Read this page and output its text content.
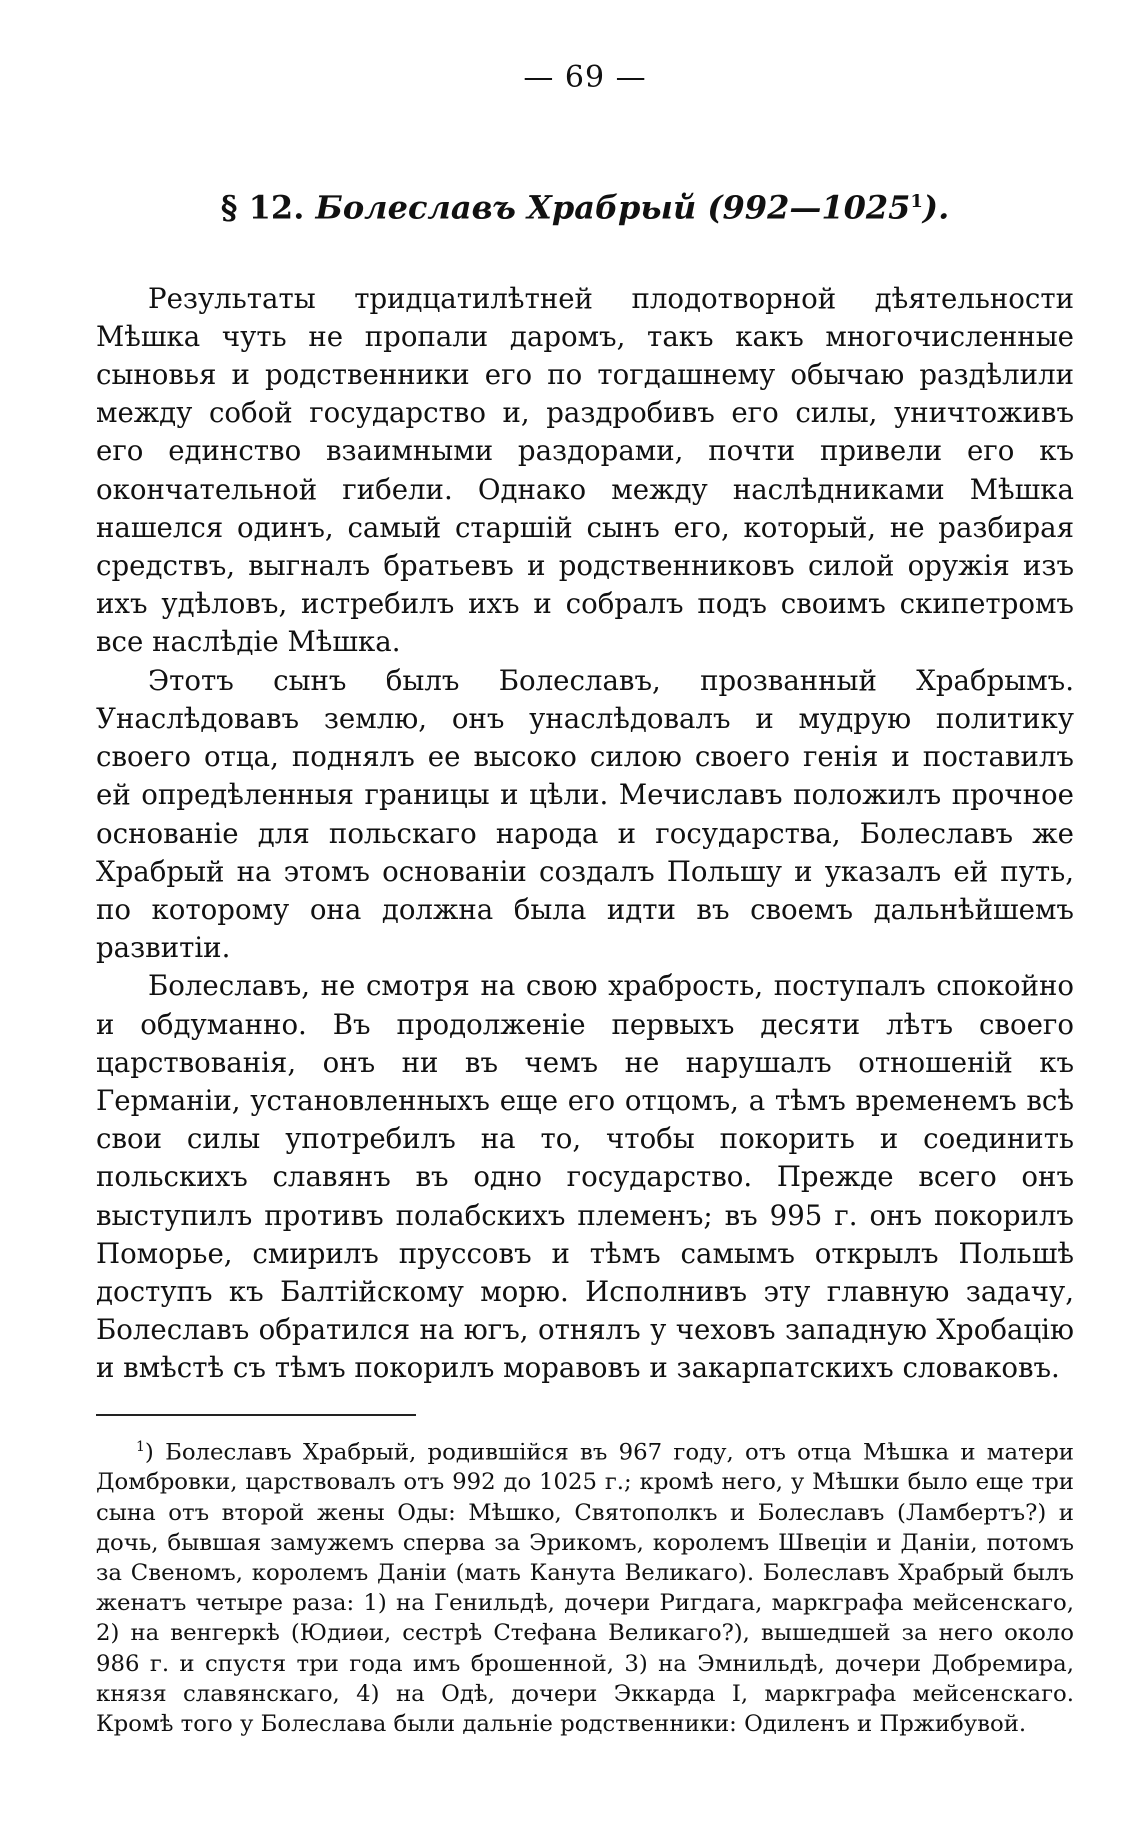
— 69 —

§ 12. Болеславъ Храбрый (992—1025$^1$).

Результаты тридцатилѣтней плодотворной дѣятельности Мѣшка чуть не пропали даромъ, такъ какъ многочисленные сыновья и родственники его по тогдашнему обычаю раздѣлили между собой государство и, раздробивъ его силы, уничтоживъ его единство взаимными раздорами, почти привели его къ окончательной гибели. Однако между наслѣдниками Мѣшка нашелся одинъ, самый старшій сынъ его, который, не разбирая средствъ, выгналъ братьевъ и родственниковъ силой оружія изъ ихъ удѣловъ, истребилъ ихъ и собралъ подъ своимъ скипетромъ все наслѣдіе Мѣшка.

Этотъ сынъ былъ Болеславъ, прозванный Храбрымъ. Унаслѣдовавъ землю, онъ унаслѣдовалъ и мудрую политику своего отца, поднялъ ее высоко силою своего генія и поставилъ ей опредѣленныя границы и цѣли. Мечиславъ положилъ прочное основаніе для польскаго народа и государства, Болеславъ же Храбрый на этомъ основаніи создалъ Польшу и указалъ ей путь, по которому она должна была идти въ своемъ дальнѣйшемъ развитіи.

Болеславъ, не смотря на свою храбрость, поступалъ спокойно и обдуманно. Въ продолженіе первыхъ десяти лѣтъ своего царствованія, онъ ни въ чемъ не нарушалъ отношеній къ Германіи, установленныхъ еще его отцомъ, а тѣмъ временемъ всѣ свои силы употребилъ на то, чтобы покорить и соединить польскихъ славянъ въ одно государство. Прежде всего онъ выступилъ противъ полабскихъ племенъ; въ 995 г. онъ покорилъ Поморье, смирилъ пруссовъ и тѣмъ самымъ открылъ Польшѣ доступъ къ Балтійскому морю. Исполнивъ эту главную задачу, Болеславъ обратился на югъ, отнялъ у чеховъ западную Хробацію и вмѣстѣ съ тѣмъ покорилъ моравовъ и закарпатскихъ словаковъ.

$^1$) Болеславъ Храбрый, родившійся въ 967 году, отъ отца Мѣшка и матери Домбровки, царствовалъ отъ 992 до 1025 г.; кромѣ него, у Мѣшки было еще три сына отъ второй жены Оды: Мѣшко, Святополкъ и Болеславъ (Ламбертъ?) и дочь, бывшая замужемъ сперва за Эрикомъ, королемъ Швеціи и Даніи, потомъ за Свеномъ, королемъ Даніи (мать Канута Великаго). Болеславъ Храбрый былъ женатъ четыре раза: 1) на Генильдѣ, дочери Ригдага, маркграфа мейсенскаго, 2) на венгеркѣ (Юдиѳи, сестрѣ Стефана Великаго?), вышедшей за него около 986 г. и спустя три года имъ брошенной, 3) на Эмнильдѣ, дочери Добремира, князя славянскаго, 4) на Одѣ, дочери Эккарда I, маркграфа мейсенскаго. Кромѣ того у Болеслава были дальніе родственники: Одиленъ и Пржибувой.
